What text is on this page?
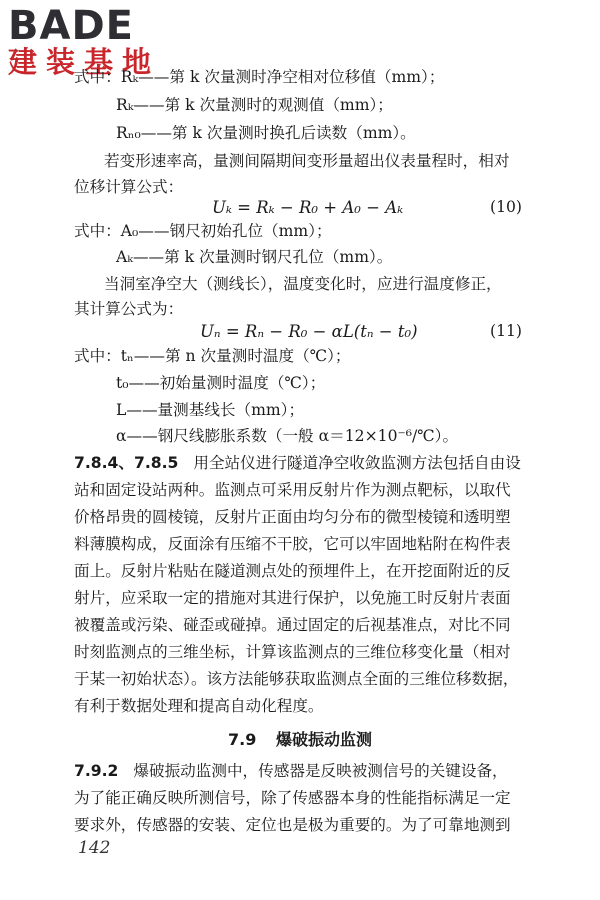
BADE
建装基地
式中：Rₖ——第 k 次量测时净空相对位移值（mm）；
Rₖ——第 k 次量测时的观测值（mm）；
Rₙ₀——第 k 次量测时换孔后读数（mm）。
若变形速率高，量测间隔期间变形量超出仪表量程时，相对
位移计算公式：
Uₖ = Rₖ − R₀ + A₀ − Aₖ	(10)
式中：A₀——钢尺初始孔位（mm）；
Aₖ——第 k 次量测时钢尺孔位（mm）。
当洞室净空大（测线长），温度变化时，应进行温度修正，
其计算公式为：
Uₙ = Rₙ − R₀ − αL(tₙ − t₀)	(11)
式中：tₙ——第 n 次量测时温度（℃）；
t₀——初始量测时温度（℃）；
L——量测基线长（mm）；
α——钢尺线膨胀系数（一般 α＝12×10⁻⁶/℃）。
7.8.4、7.8.5 用全站仪进行隧道净空收敛监测方法包括自由设
站和固定设站两种。监测点可采用反射片作为测点靶标，以取代
价格昂贵的圆棱镜，反射片正面由均匀分布的微型棱镜和透明塑
料薄膜构成，反面涂有压缩不干胶，它可以牢固地粘附在构件表
面上。反射片粘贴在隧道测点处的预埋件上，在开挖面附近的反
射片，应采取一定的措施对其进行保护，以免施工时反射片表面
被覆盖或污染、碰歪或碰掉。通过固定的后视基准点，对比不同
时刻监测点的三维坐标，计算该监测点的三维位移变化量（相对
于某一初始状态）。该方法能够获取监测点全面的三维位移数据，
有利于数据处理和提高自动化程度。
7.9 爆破振动监测
7.9.2 爆破振动监测中，传感器是反映被测信号的关键设备，
为了能正确反映所测信号，除了传感器本身的性能指标满足一定
要求外，传感器的安装、定位也是极为重要的。为了可靠地测到
142
